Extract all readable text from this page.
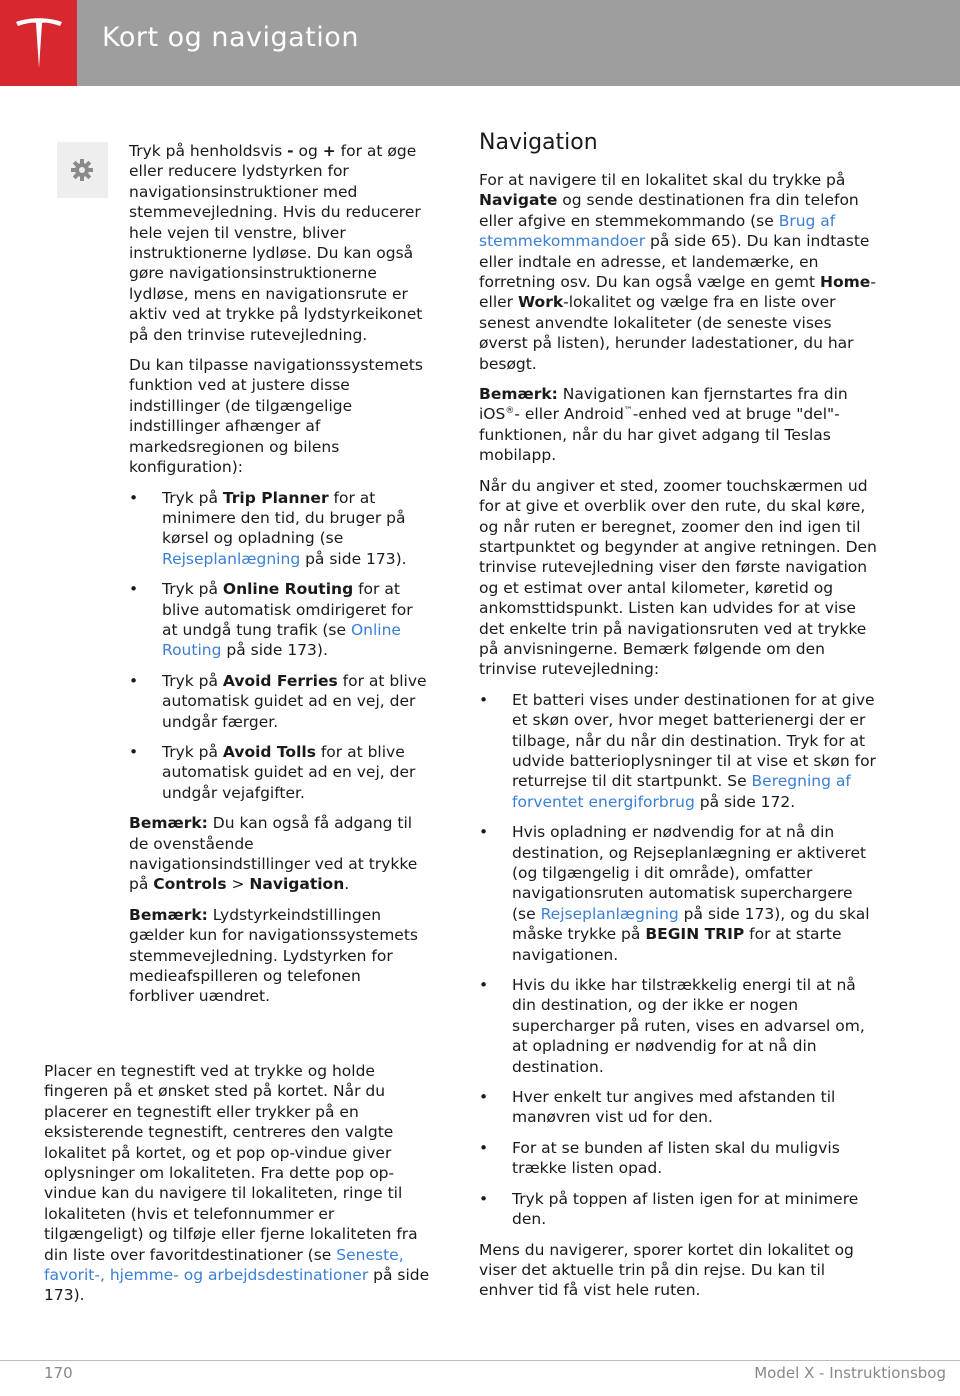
Kort og navigation

Tryk på henholdsvis - og + for at øge eller reducere lydstyrken for navigationsinstruktioner med stemmevejledning. Hvis du reducerer hele vejen til venstre, bliver instruktionerne lydløse. Du kan også gøre navigationsinstruktionerne lydløse, mens en navigationsrute er aktiv ved at trykke på lydstyrkeikonet på den trinvise rutevejledning.

Du kan tilpasse navigationssystemets funktion ved at justere disse indstillinger (de tilgængelige indstillinger afhænger af markedsregionen og bilens konfiguration):

• Tryk på Trip Planner for at minimere den tid, du bruger på kørsel og opladning (se Rejseplanlægning på side 173).
• Tryk på Online Routing for at blive automatisk omdirigeret for at undgå tung trafik (se Online Routing på side 173).
• Tryk på Avoid Ferries for at blive automatisk guidet ad en vej, der undgår færger.
• Tryk på Avoid Tolls for at blive automatisk guidet ad en vej, der undgår vejafgifter.

Bemærk: Du kan også få adgang til de ovenstående navigationsindstillinger ved at trykke på Controls > Navigation.

Bemærk: Lydstyrkeindstillingen gælder kun for navigationssystemets stemmevejledning. Lydstyrken for medieafspilleren og telefonen forbliver uændret.

Placer en tegnestift ved at trykke og holde fingeren på et ønsket sted på kortet. Når du placerer en tegnestift eller trykker på en eksisterende tegnestift, centreres den valgte lokalitet på kortet, og et pop op-vindue giver oplysninger om lokaliteten. Fra dette pop op-vindue kan du navigere til lokaliteten, ringe til lokaliteten (hvis et telefonnummer er tilgængeligt) og tilføje eller fjerne lokaliteten fra din liste over favoritdestinationer (se Seneste, favorit-, hjemme- og arbejdsdestinationer på side 173).

Navigation

For at navigere til en lokalitet skal du trykke på Navigate og sende destinationen fra din telefon eller afgive en stemmekommando (se Brug af stemmekommandoer på side 65). Du kan indtaste eller indtale en adresse, et landemærke, en forretning osv. Du kan også vælge en gemt Home- eller Work-lokalitet og vælge fra en liste over senest anvendte lokaliteter (de seneste vises øverst på listen), herunder ladestationer, du har besøgt.

Bemærk: Navigationen kan fjernstartes fra din iOS®- eller Android™-enhed ved at bruge "del"-funktionen, når du har givet adgang til Teslas mobilapp.

Når du angiver et sted, zoomer touchskærmen ud for at give et overblik over den rute, du skal køre, og når ruten er beregnet, zoomer den ind igen til startpunktet og begynder at angive retningen. Den trinvise rutevejledning viser den første navigation og et estimat over antal kilometer, køretid og ankomsttidspunkt. Listen kan udvides for at vise det enkelte trin på navigationsruten ved at trykke på anvisningerne. Bemærk følgende om den trinvise rutevejledning:

• Et batteri vises under destinationen for at give et skøn over, hvor meget batterienergi der er tilbage, når du når din destination. Tryk for at udvide batterioplysninger til at vise et skøn for returrejse til dit startpunkt. Se Beregning af forventet energiforbrug på side 172.
• Hvis opladning er nødvendig for at nå din destination, og Rejseplanlægning er aktiveret (og tilgængelig i dit område), omfatter navigationsruten automatisk superchargere (se Rejseplanlægning på side 173), og du skal måske trykke på BEGIN TRIP for at starte navigationen.
• Hvis du ikke har tilstrækkelig energi til at nå din destination, og der ikke er nogen supercharger på ruten, vises en advarsel om, at opladning er nødvendig for at nå din destination.
• Hver enkelt tur angives med afstanden til manøvren vist ud for den.
• For at se bunden af listen skal du muligvis trække listen opad.
• Tryk på toppen af listen igen for at minimere den.

Mens du navigerer, sporer kortet din lokalitet og viser det aktuelle trin på din rejse. Du kan til enhver tid få vist hele ruten.

170	Model X - Instruktionsbog
